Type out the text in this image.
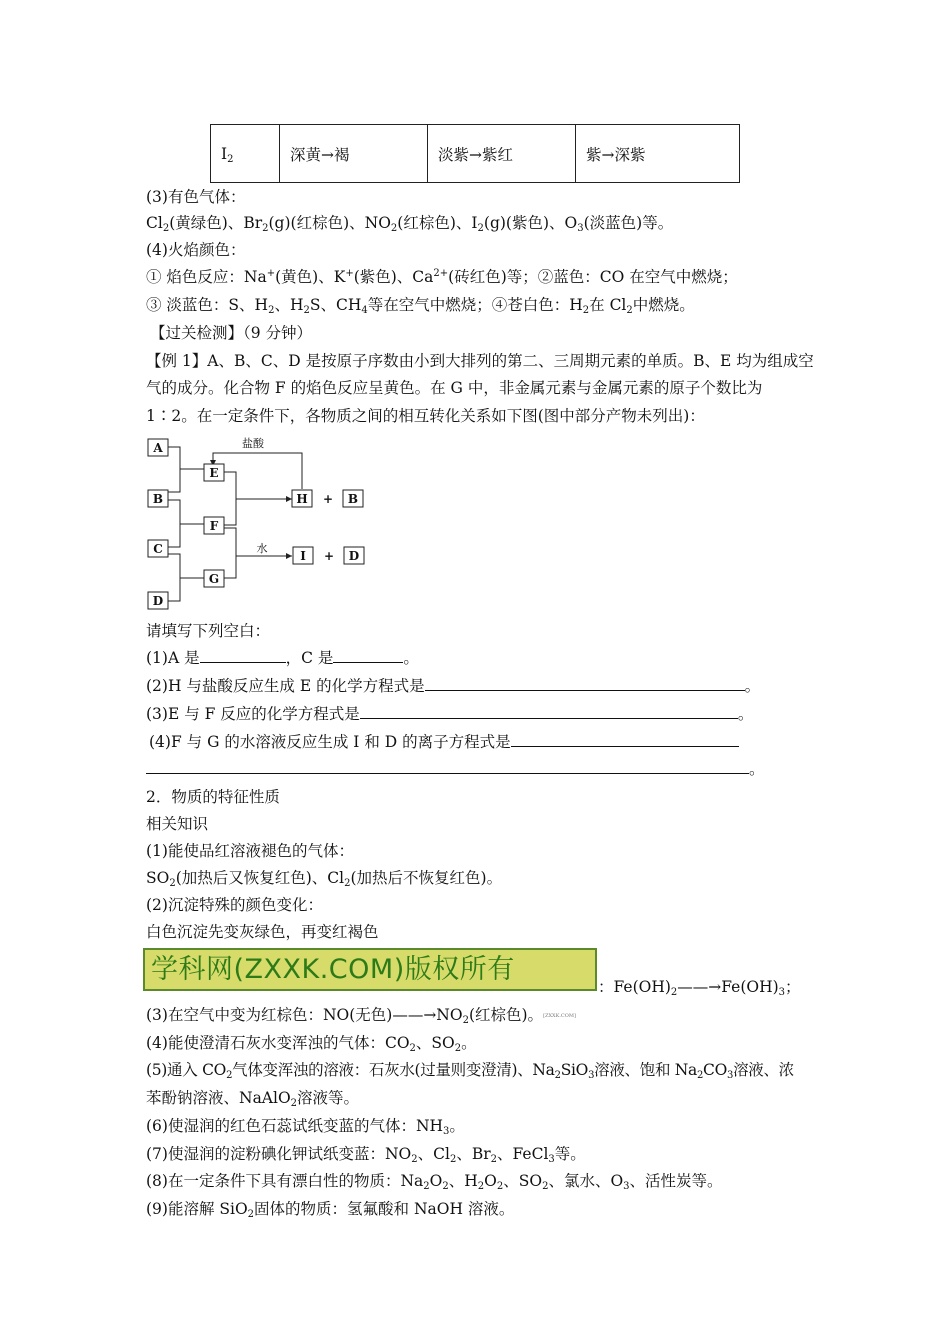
$I_2$	深黄→褐	淡紫→紫红	紫→深紫
(3)有色气体：
$Cl_2$(黄绿色)、$Br_2(g)$(红棕色)、$NO_2$(红棕色)、$I_2(g)$(紫色)、$O_3$(淡蓝色)等。
(4)火焰颜色：
① 焰色反应：Na+(黄色)、K+(紫色)、$Ca^{2+}$(砖红色)等；②蓝色：CO 在空气中燃烧；
③ 淡蓝色：S、$H_2$、$H_2S$、$CH_4$等在空气中燃烧；④苍白色：$H_2$在 $Cl_2$中燃烧。
【过关检测】（9 分钟）
【例 1】A、B、C、D 是按原子序数由小到大排列的第二、三周期元素的单质。B、E 均为组成空
气的成分。化合物 F 的焰色反应呈黄色。在 G 中，非金属元素与金属元素的原子个数比为
1∶2。在一定条件下，各物质之间的相互转化关系如下图(图中部分产物未列出)：
A
B
C
D
E
F
G
H	B
I	D
+
+
盐酸
水
请填写下列空白：
(1)A 是	，C 是	。
(2)H 与盐酸反应生成 E 的化学方程式是	。
(3)E 与 F 反应的化学方程式是	。
(4)F 与 G 的水溶液反应生成 I 和 D 的离子方程式是
。
2．物质的特征性质
相关知识
(1)能使品红溶液褪色的气体：
$SO_2$(加热后又恢复红色)、$Cl_2$(加热后不恢复红色)。
(2)沉淀特殊的颜色变化：
白色沉淀先变灰绿色，再变红褐色
学科网(ZXXK.COM)版权所有
：$Fe(OH)_2——\to Fe(OH)_3$；
(3)在空气中变为红棕色：NO(无色)$——\to NO_2$(红棕色)。[ZXXK.COM]
(4)能使澄清石灰水变浑浊的气体：$CO_2$、$SO_2$。
(5)通入 $CO_2$气体变浑浊的溶液：石灰水(过量则变澄清)、$Na_2SiO_3$溶液、饱和 $Na_2CO_3$溶液、浓
苯酚钠溶液、NaAlO$_2$溶液等。
(6)使湿润的红色石蕊试纸变蓝的气体：$NH_3$。
(7)使湿润的淀粉碘化钾试纸变蓝：$NO_2$、$Cl_2$、$Br_2$、FeCl$_3$等。
(8)在一定条件下具有漂白性的物质：$Na_2O_2$、$H_2O_2$、$SO_2$、氯水、$O_3$、活性炭等。
(9)能溶解 SiO$_2$固体的物质：氢氟酸和 NaOH 溶液。
